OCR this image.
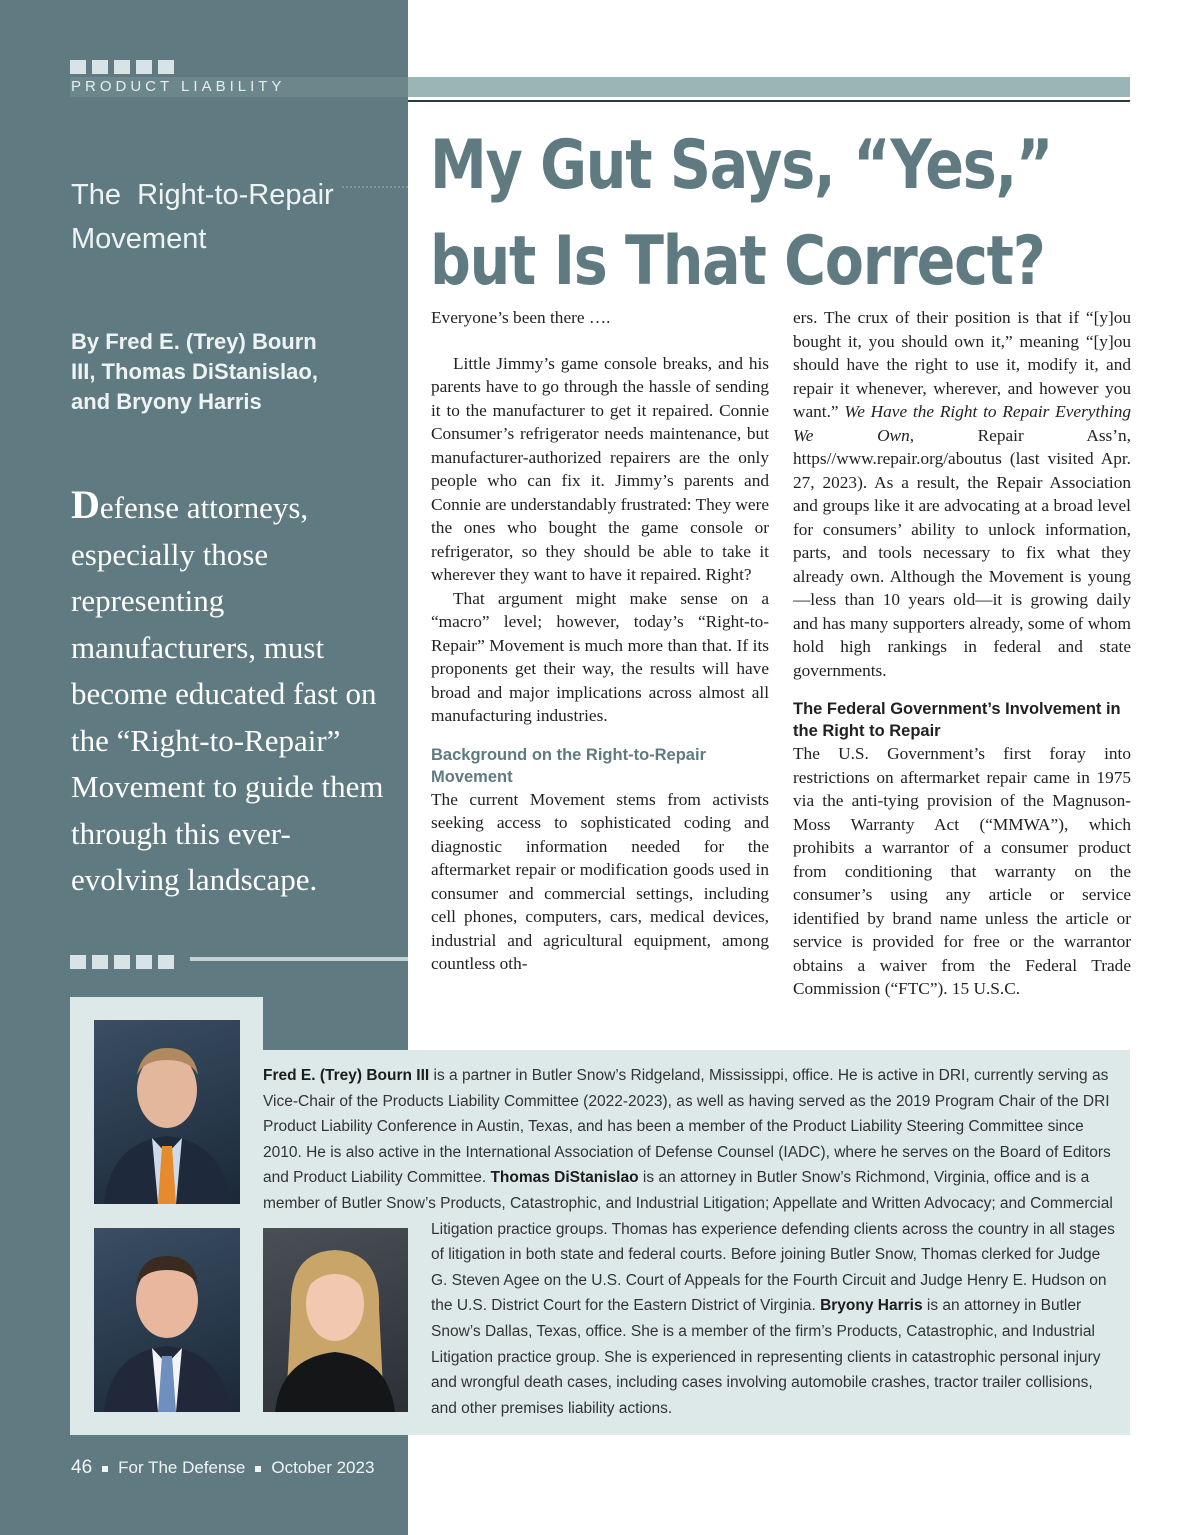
PRODUCT LIABILITY
The  Right-to-Repair
Movement
By Fred E. (Trey) Bourn
III, Thomas DiStanislao,
and Bryony Harris
Defense attorneys, especially those representing manufacturers, must become educated fast on the “Right-to-Repair” Movement to guide them through this ever-evolving landscape.
My Gut Says, “Yes,”
but Is That Correct?

Everyone’s been there ….

Little Jimmy’s game console breaks, and his parents have to go through the hassle of sending it to the manufacturer to get it repaired. Connie Consumer’s refrigerator needs maintenance, but manufacturer-authorized repairers are the only people who can fix it. Jimmy’s parents and Connie are understandably frustrated: They were the ones who bought the game console or refrigerator, so they should be able to take it wherever they want to have it repaired. Right?

That argument might make sense on a “macro” level; however, today’s “Right-to-Repair” Movement is much more than that. If its proponents get their way, the results will have broad and major implications across almost all manufacturing industries.

Background on the Right-to-Repair Movement

The current Movement stems from activists seeking access to sophisticated coding and diagnostic information needed for the aftermarket repair or modification goods used in consumer and commercial settings, including cell phones, computers, cars, medical devices, industrial and agricultural equipment, among countless oth-

ers. The crux of their position is that if “[y]ou bought it, you should own it,” meaning “[y]ou should have the right to use it, modify it, and repair it whenever, wherever, and however you want.” We Have the Right to Repair Everything We Own, Repair Ass’n, https//www.repair.org/aboutus (last visited Apr. 27, 2023). As a result, the Repair Association and groups like it are advocating at a broad level for consumers’ ability to unlock information, parts, and tools necessary to fix what they already own. Although the Movement is young—less than 10 years old—it is growing daily and has many supporters already, some of whom hold high rankings in federal and state governments.

The Federal Government’s Involvement in the Right to Repair

The U.S. Government’s first foray into restrictions on aftermarket repair came in 1975 via the anti-tying provision of the Magnuson-Moss Warranty Act (“MMWA”), which prohibits a warrantor of a consumer product from conditioning that warranty on the consumer’s using any article or service identified by brand name unless the article or service is provided for free or the warrantor obtains a waiver from the Federal Trade Commission (“FTC”). 15 U.S.C.

Fred E. (Trey) Bourn III is a partner in Butler Snow’s Ridgeland, Mississippi, office. He is active in DRI, currently serving as Vice-Chair of the Products Liability Committee (2022-2023), as well as having served as the 2019 Program Chair of the DRI Product Liability Conference in Austin, Texas, and has been a member of the Product Liability Steering Committee since 2010. He is also active in the International Association of Defense Counsel (IADC), where he serves on the Board of Editors and Product Liability Committee. Thomas DiStanislao is an attorney in Butler Snow’s Richmond, Virginia, office and is a member of Butler Snow’s Products, Catastrophic, and Industrial Litigation; Appellate and Written Advocacy; and Commercial
Litigation practice groups. Thomas has experience defending clients across the country in all stages of litigation in both state and federal courts. Before joining Butler Snow, Thomas clerked for Judge G. Steven Agee on the U.S. Court of Appeals for the Fourth Circuit and Judge Henry E. Hudson on the U.S. District Court for the Eastern District of Virginia. Bryony Harris is an attorney in Butler Snow’s Dallas, Texas, office. She is a member of the firm’s Products, Catastrophic, and Industrial Litigation practice group. She is experienced in representing clients in catastrophic personal injury and wrongful death cases, including cases involving automobile crashes, tractor trailer collisions, and other premises liability actions.
46 For The Defense October 2023
